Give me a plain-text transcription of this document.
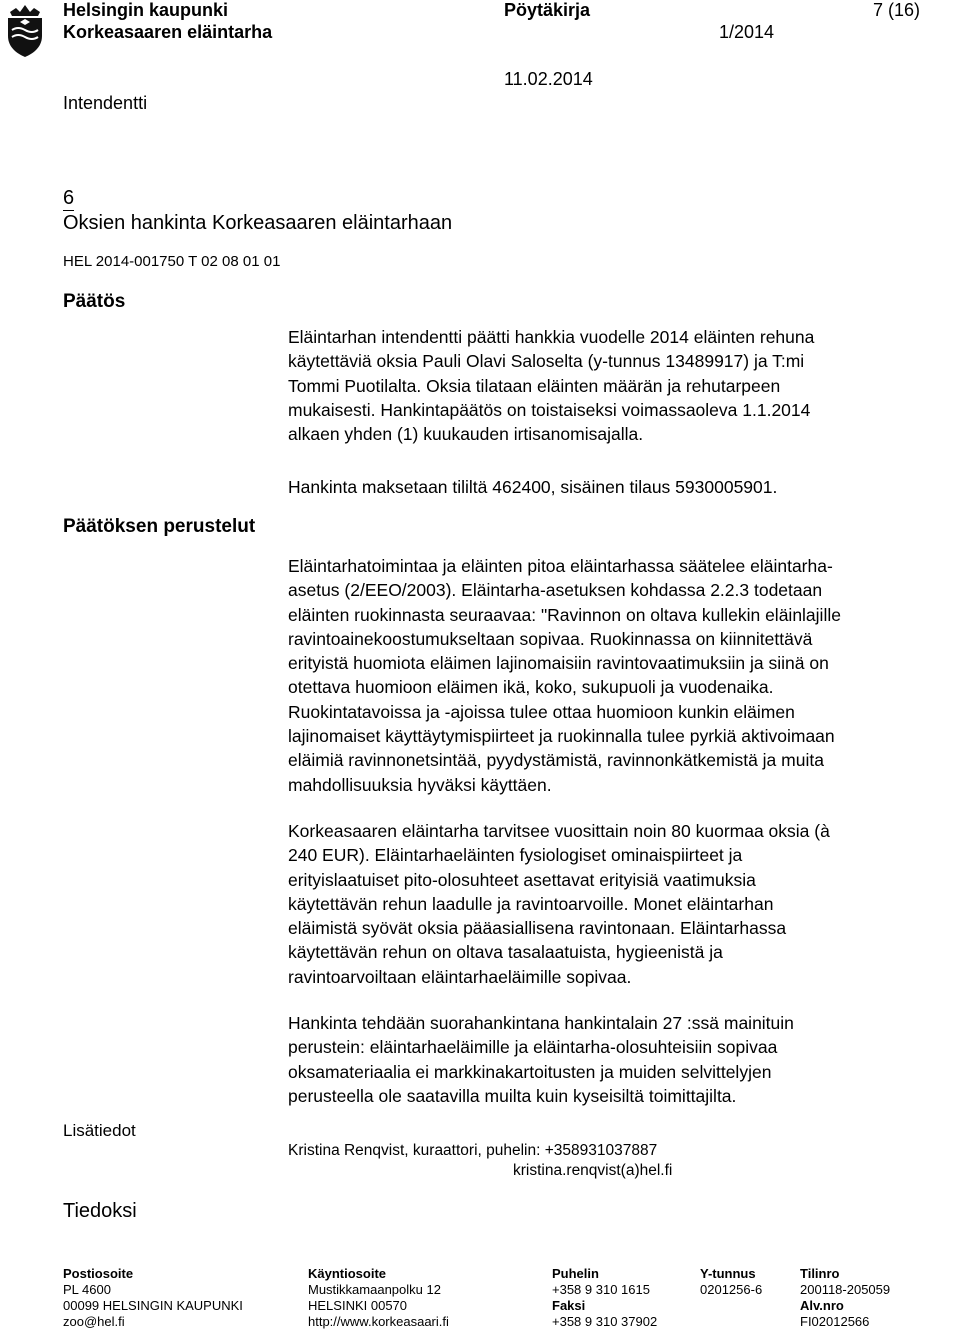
Helsingin kaupunki
Korkeasaaren eläintarha
Pöytäkirja
1/2014
7 (16)
11.02.2014
Intendentti
6
Oksien hankinta Korkeasaaren eläintarhaan
HEL 2014-001750 T 02 08 01 01
Päätös
Eläintarhan intendentti päätti hankkia vuodelle 2014 eläinten rehuna
käytettäviä oksia Pauli Olavi Saloselta (y-tunnus 13489917) ja T:mi
Tommi Puotilalta. Oksia tilataan eläinten määrän ja rehutarpeen
mukaisesti. Hankintapäätös on toistaiseksi voimassaoleva 1.1.2014
alkaen yhden (1) kuukauden irtisanomisajalla.
Hankinta maksetaan tililtä 462400, sisäinen tilaus 5930005901.
Päätöksen perustelut
Eläintarhatoimintaa ja eläinten pitoa eläintarhassa säätelee eläintarha-
asetus (2/EEO/2003). Eläintarha-asetuksen kohdassa 2.2.3 todetaan
eläinten ruokinnasta seuraavaa: "Ravinnon on oltava kullekin eläinlajille
ravintoainekoostumukseltaan sopivaa. Ruokinnassa on kiinnitettävä
erityistä huomiota eläimen lajinomaisiin ravintovaatimuksiin ja siinä on
otettava huomioon eläimen ikä, koko, sukupuoli ja vuodenaika.
Ruokintatavoissa ja -ajoissa tulee ottaa huomioon kunkin eläimen
lajinomaiset käyttäytymispiirteet ja ruokinnalla tulee pyrkiä aktivoimaan
eläimiä ravinnonetsintää, pyydystämistä, ravinnonkätkemistä ja muita
mahdollisuuksia hyväksi käyttäen.
Korkeasaaren eläintarha tarvitsee vuosittain noin 80 kuormaa oksia (à
240 EUR). Eläintarhaeläinten fysiologiset ominaispiirteet ja
erityislaatuiset pito-olosuhteet asettavat erityisiä vaatimuksia
käytettävän rehun laadulle ja ravintoarvoille. Monet eläintarhan
eläimistä syövät oksia pääasiallisena ravintonaan. Eläintarhassa
käytettävän rehun on oltava tasalaatuista, hygieenistä ja
ravintoarvoiltaan eläintarhaeläimille sopivaa.
Hankinta tehdään suorahankintana hankintalain 27 :ssä mainituin
perustein: eläintarhaeläimille ja eläintarha-olosuhteisiin sopivaa
oksamateriaalia ei markkinakartoitusten ja muiden selvittelyjen
perusteella ole saatavilla muilta kuin kyseisiltä toimittajilta.
Lisätiedot
Kristina Renqvist, kuraattori, puhelin: +358931037887
kristina.renqvist(a)hel.fi
Tiedoksi
Postiosoite
PL 4600
00099 HELSINGIN KAUPUNKI
zoo@hel.fi
Käyntiosoite
Mustikkamaanpolku 12
HELSINKI 00570
http://www.korkeasaari.fi
Puhelin
+358 9 310 1615
Faksi
+358 9 310 37902
Y-tunnus
0201256-6
Tilinro
200118-205059
Alv.nro
FI02012566
